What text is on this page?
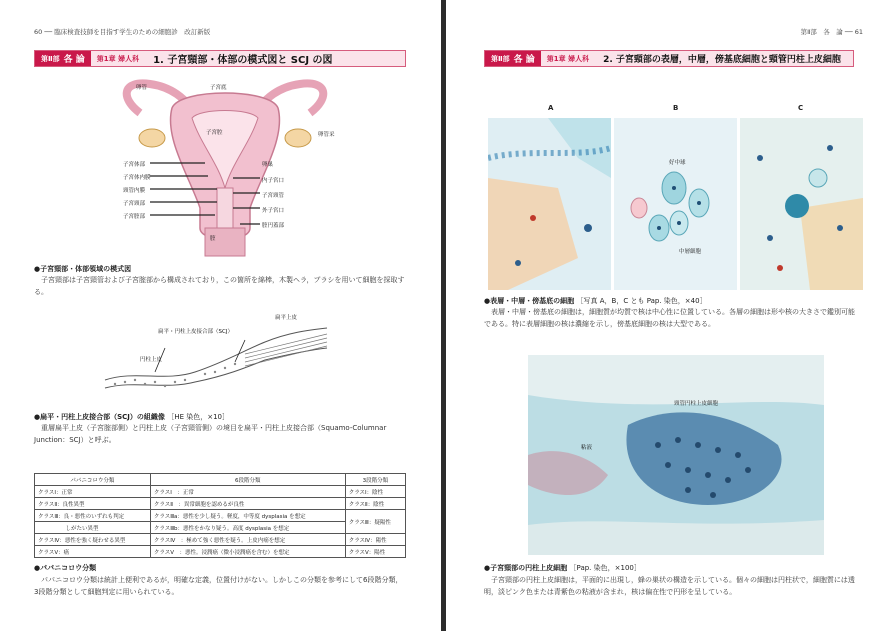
60 ── 臨床検査技師を目指す学生のための細胞診　改訂新版
第Ⅱ部 各 論	第1章 婦人科	1. 子宮頸部・体部の模式図と SCJ の図
卵管	子宮底
卵管采
子宮腔
子宮体部	卵巣
子宮体内膜	内子宮口
頸管内膜
子宮頸管
子宮頸部
外子宮口
子宮腟部
腟円蓋部
腟
●子宮頸部・体部領域の模式図
子宮頸部は子宮頸管および子宮腟部から構成されており，この箇所を綿棒，木製ヘラ，ブラシを用いて細胞を採取する。
扁平上皮
扁平・円柱上皮接合部（SCJ）
円柱上皮
●扁平・円柱上皮接合部（SCJ）の組織像 ［HE 染色，×10］
重層扁平上皮（子宮腟部側）と円柱上皮（子宮頸管側）の境目を扁平・円柱上皮接合部（Squamo-Columnar Junction：SCJ）と呼ぶ。
パパニコロウ分類	6段階分類	3段階分類
クラスⅠ：正常	クラスⅠ　：正常	クラスⅠ：陰性
クラスⅡ：良性異型	クラスⅡ　：異常細胞を認めるが良性	クラスⅡ：陰性
クラスⅢ：良・悪性のいずれも判定	クラスⅢa：悪性を少し疑う。軽度，中等度 dysplasia を想定	クラスⅢ：疑陽性
　　　　　しがたい異型	クラスⅢb：悪性をかなり疑う。高度 dysplasia を想定	
クラスⅣ：悪性を強く疑わせる異型	クラスⅣ　：極めて強く悪性を疑う。上皮内癌を想定	クラスⅣ：陽性
クラスⅤ：癌	クラスⅤ　：悪性。浸潤癌（微小浸潤癌を含む）を想定	クラスⅤ：陽性
●パパニコロウ分類
パパニコロウ分類は統計上便利であるが，明確な定義，位置付けがない。しかしこの分類を参考にして6段階分類，3段階分類として細胞判定に用いられている。
第Ⅱ部　各　論 ── 61
第Ⅱ部 各 論	第1章 婦人科	2. 子宮頸部の表層，中層，傍基底細胞と頸管円柱上皮細胞
A	B	C
好中球
中層細胞
●表層・中層・傍基底の細胞 ［写真 A，B，C とも Pap. 染色，×40］
表層・中層・傍基底の細胞は，細胞質が均質で核は中心性に位置している。各層の細胞は形や核の大きさで鑑別可能である。特に表層細胞の核は濃縮を示し，傍基底細胞の核は大型である。
頸管円柱上皮細胞
粘液
●子宮頸部の円柱上皮細胞 ［Pap. 染色，×100］
子宮頸部の円柱上皮細胞は，平面的に出現し，蜂の巣状の構造を示している。個々の細胞は円柱状で，細胞質には透明，淡ピンク色または青紫色の粘液が含まれ，核は偏在性で円形を呈している。
